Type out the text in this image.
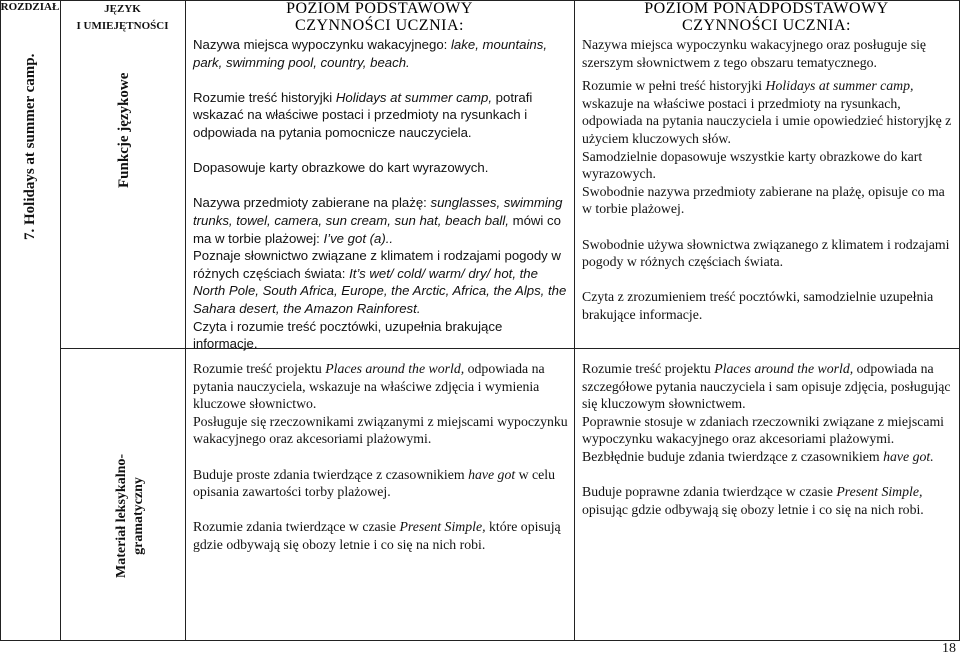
ROZDZIAŁ	JĘZYK
I UMIEJĘTNOŚCI
POZIOM PODSTAWOWY
CZYNNOŚCI UCZNIA:
POZIOM PONADPODSTAWOWY
CZYNNOŚCI UCZNIA:
7. Holidays at summer camp.	Funkcje językowe
Materiał leksykalno- gramatyczny

Nazywa miejsca wypoczynku wakacyjnego: lake, mountains, park, swimming pool, country, beach.

Rozumie treść historyjki Holidays at summer camp, potrafi wskazać na właściwe postaci i przedmioty na rysunkach i odpowiada na pytania pomocnicze nauczyciela.

Dopasowuje karty obrazkowe do kart wyrazowych.

Nazywa przedmioty zabierane na plażę: sunglasses, swimming trunks, towel, camera, sun cream, sun hat, beach ball, mówi co ma w torbie plażowej: I’ve got (a)..

Poznaje słownictwo związane z klimatem i rodzajami pogody w różnych częściach świata: It’s wet/ cold/ warm/ dry/ hot, the North Pole, South Africa, Europe, the Arctic, Africa, the Alps, the Sahara desert, the Amazon Rainforest.

Czyta i rozumie treść pocztówki, uzupełnia brakujące informacje.

Rozumie treść projektu Places around the world, odpowiada na pytania nauczyciela, wskazuje na właściwe zdjęcia i wymienia kluczowe słownictwo.

Posługuje się rzeczownikami związanymi z miejscami wypoczynku wakacyjnego oraz akcesoriami plażowymi.

Buduje proste zdania twierdzące z czasownikiem have got w celu opisania zawartości torby plażowej.

Rozumie zdania twierdzące w czasie Present Simple, które opisują gdzie odbywają się obozy letnie i co się na nich robi.

Nazywa miejsca wypoczynku wakacyjnego oraz posługuje się szerszym słownictwem z tego obszaru tematycznego.

Rozumie w pełni treść historyjki Holidays at summer camp, wskazuje na właściwe postaci i przedmioty na rysunkach, odpowiada na pytania nauczyciela i umie opowiedzieć historyjkę z użyciem kluczowych słów.

Samodzielnie dopasowuje wszystkie karty obrazkowe do kart wyrazowych.

Swobodnie nazywa przedmioty zabierane na plażę, opisuje co ma w torbie plażowej.

Swobodnie używa słownictwa związanego z klimatem i rodzajami pogody w różnych częściach świata.

Czyta z zrozumieniem treść pocztówki, samodzielnie uzupełnia brakujące informacje.

Rozumie treść projektu Places around the world, odpowiada na szczegółowe pytania nauczyciela i sam opisuje zdjęcia, posługując się kluczowym słownictwem.

Poprawnie stosuje w zdaniach rzeczowniki związane z miejscami wypoczynku wakacyjnego oraz akcesoriami plażowymi.

Bezbłędnie buduje zdania twierdzące z czasownikiem have got.

Buduje poprawne zdania twierdzące w czasie Present Simple, opisując gdzie odbywają się obozy letnie i co się na nich robi.

18
